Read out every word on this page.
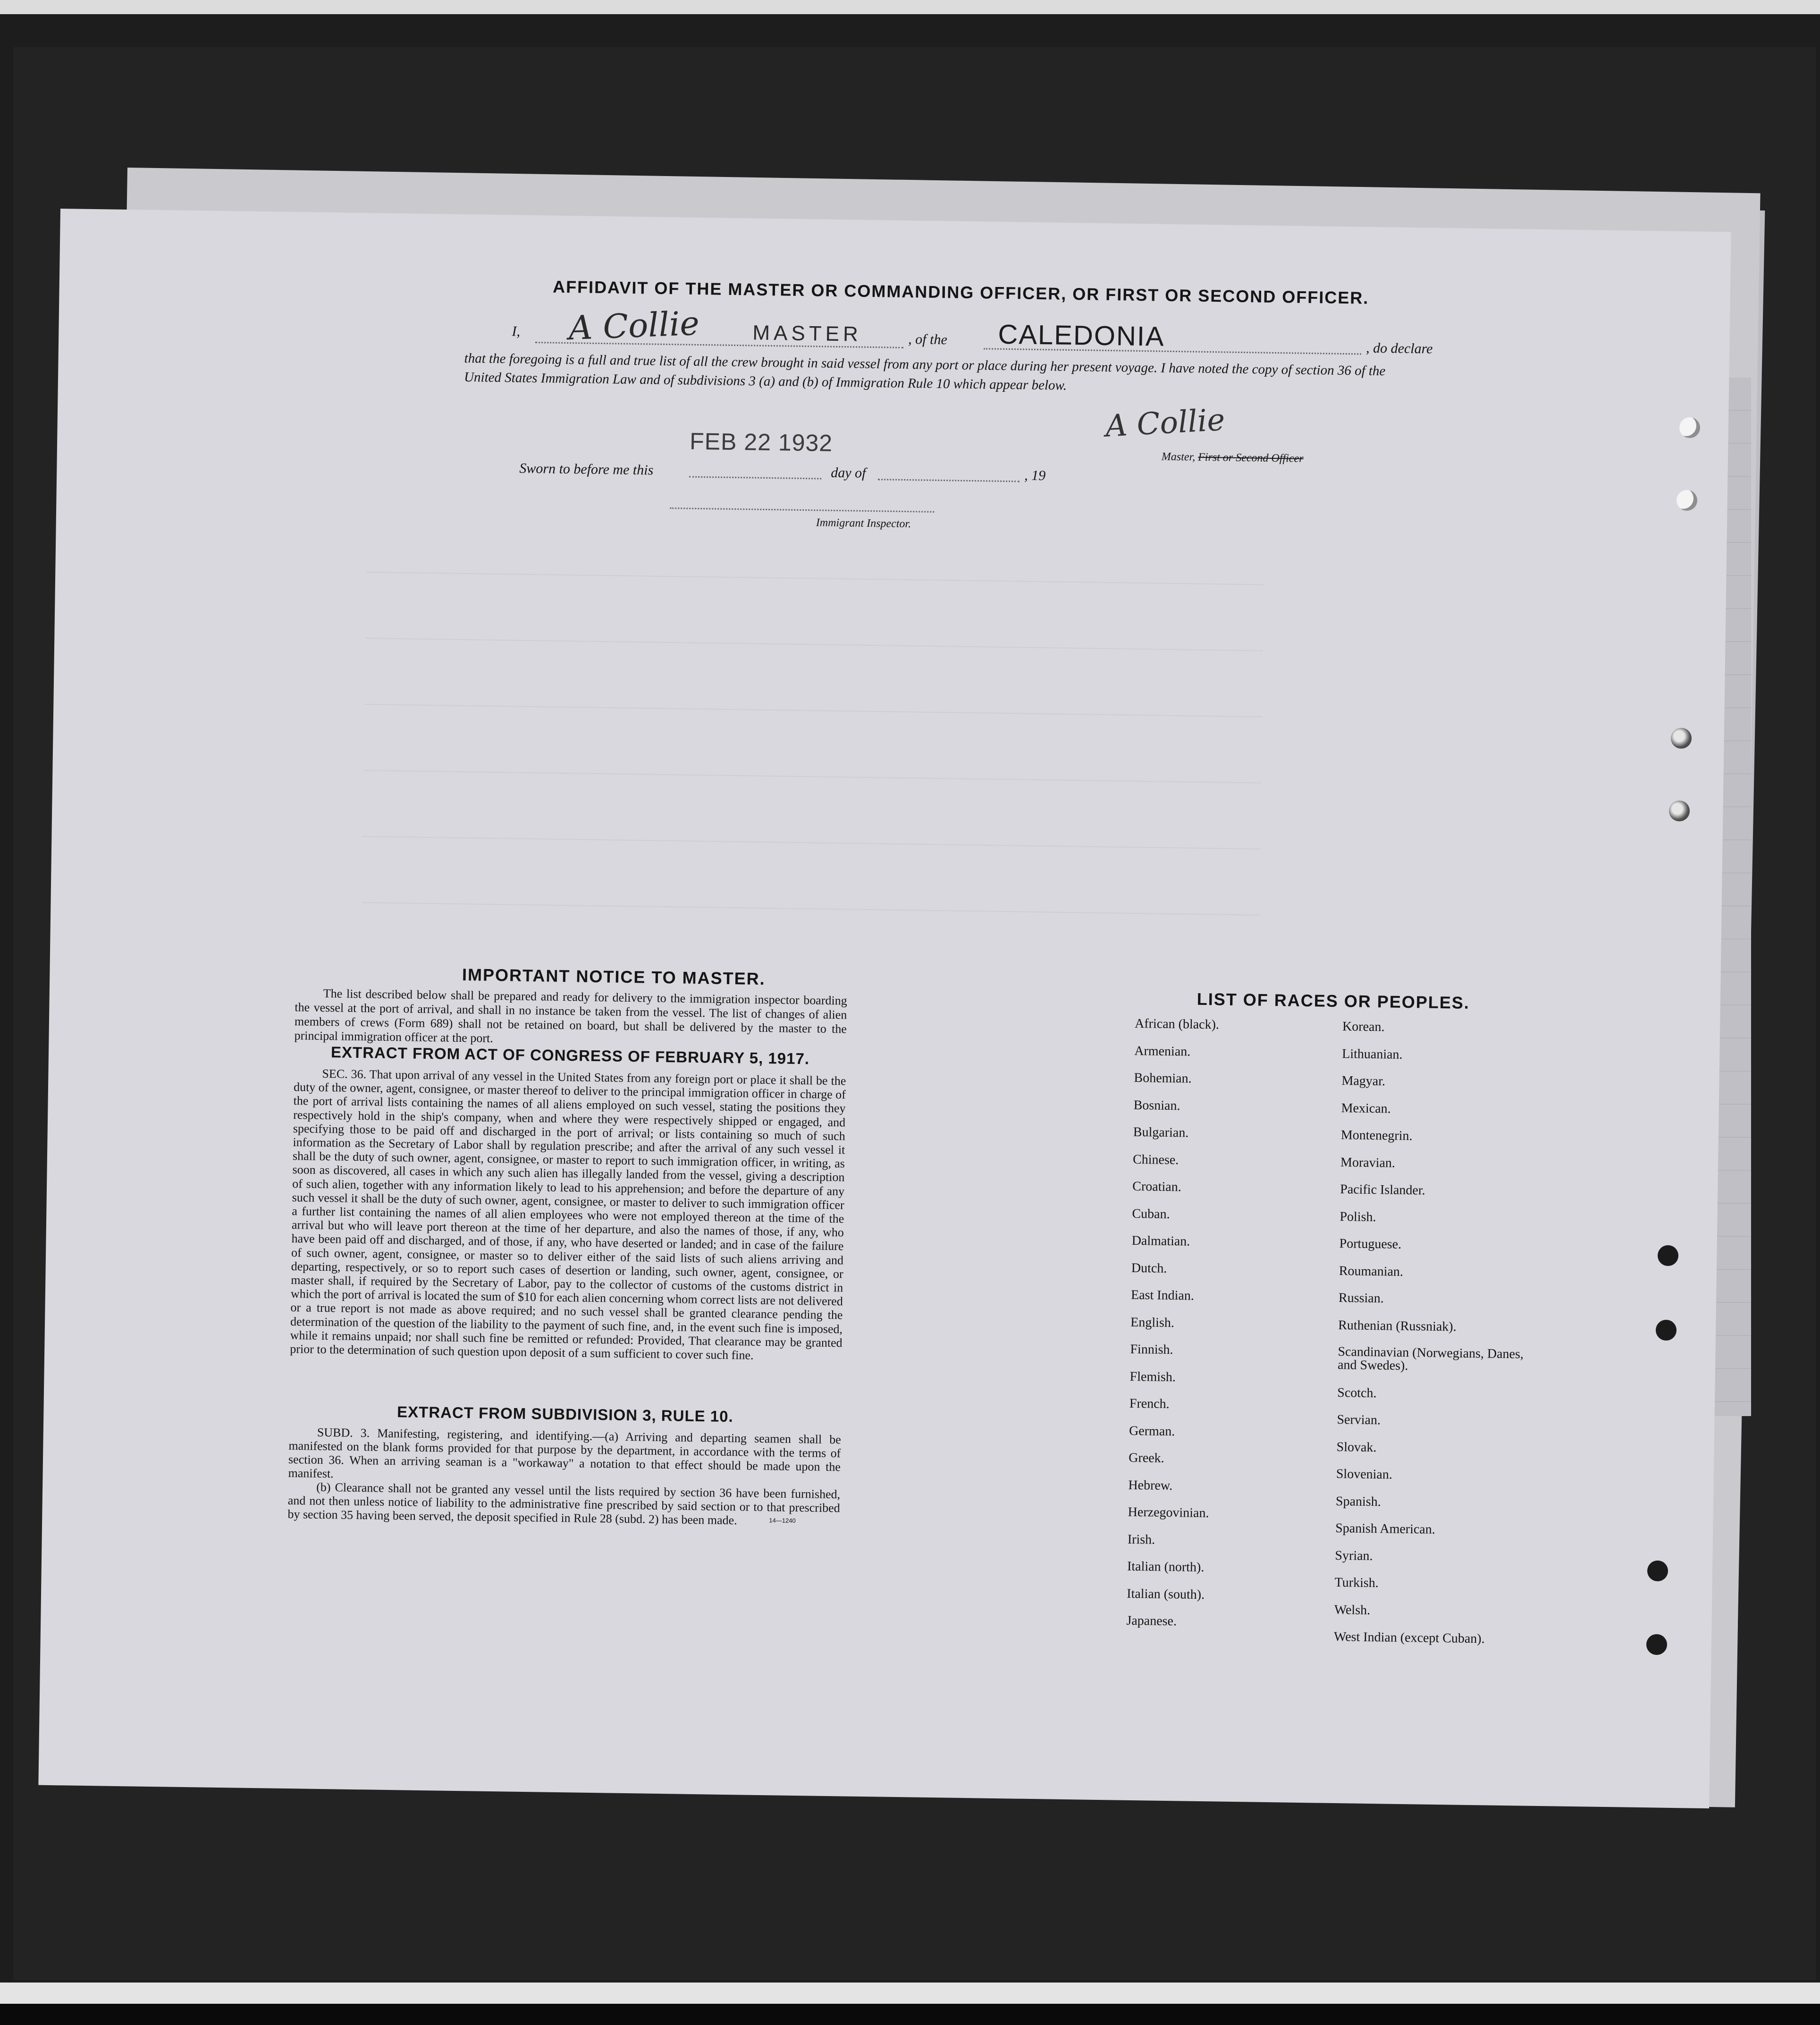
AFFIDAVIT OF THE MASTER OR COMMANDING OFFICER, OR FIRST OR SECOND OFFICER.
I, A Collie	MASTER	, of the CALEDONIA	, do declare
that the foregoing is a full and true list of all the crew brought in said vessel from any port or place during her present voyage. I have noted the copy of section 36 of the United States Immigration Law and of subdivisions 3 (a) and (b) of Immigration Rule 10 which appear below.
FEB 22 1932
Sworn to before me this	day of	, 19
A Collie
Master, First or Second Officer
Immigrant Inspector.
IMPORTANT NOTICE TO MASTER.
The list described below shall be prepared and ready for delivery to the immigration inspector boarding the vessel at the port of arrival, and shall in no instance be taken from the vessel. The list of changes of alien members of crews (Form 689) shall not be retained on board, but shall be delivered by the master to the principal immigration officer at the port.
EXTRACT FROM ACT OF CONGRESS OF FEBRUARY 5, 1917.
SEC. 36. That upon arrival of any vessel in the United States from any foreign port or place it shall be the duty of the owner, agent, consignee, or master thereof to deliver to the principal immigration officer in charge of the port of arrival lists containing the names of all aliens employed on such vessel, stating the positions they respectively hold in the ship's company, when and where they were respectively shipped or engaged, and specifying those to be paid off and discharged in the port of arrival; or lists containing so much of such information as the Secretary of Labor shall by regulation prescribe; and after the arrival of any such vessel it shall be the duty of such owner, agent, consignee, or master to report to such immigration officer, in writing, as soon as discovered, all cases in which any such alien has illegally landed from the vessel, giving a description of such alien, together with any information likely to lead to his apprehension; and before the departure of any such vessel it shall be the duty of such owner, agent, consignee, or master to deliver to such immigration officer a further list containing the names of all alien employees who were not employed thereon at the time of the arrival but who will leave port thereon at the time of her departure, and also the names of those, if any, who have been paid off and discharged, and of those, if any, who have deserted or landed; and in case of the failure of such owner, agent, consignee, or master so to deliver either of the said lists of such aliens arriving and departing, respectively, or so to report such cases of desertion or landing, such owner, agent, consignee, or master shall, if required by the Secretary of Labor, pay to the collector of customs of the customs district in which the port of arrival is located the sum of $10 for each alien concerning whom correct lists are not delivered or a true report is not made as above required; and no such vessel shall be granted clearance pending the determination of the question of the liability to the payment of such fine, and, in the event such fine is imposed, while it remains unpaid; nor shall such fine be remitted or refunded: Provided, That clearance may be granted prior to the determination of such question upon deposit of a sum sufficient to cover such fine.
EXTRACT FROM SUBDIVISION 3, RULE 10.

SUBD. 3. Manifesting, registering, and identifying.—(a) Arriving and departing seamen shall be manifested on the blank forms provided for that purpose by the department, in accordance with the terms of section 36. When an arriving seaman is a "workaway" a notation to that effect should be made upon the manifest.

(b) Clearance shall not be granted any vessel until the lists required by section 36 have been furnished, and not then unless notice of liability to the administrative fine prescribed by said section or to that prescribed by section 35 having been served, the deposit specified in Rule 28 (subd. 2) has been made.	14—1240
LIST OF RACES OR PEOPLES.
African (black).
Armenian.
Bohemian.
Bosnian.
Bulgarian.
Chinese.
Croatian.
Cuban.
Dalmatian.
Dutch.
East Indian.
English.
Finnish.
Flemish.
French.
German.
Greek.
Hebrew.
Herzegovinian.
Irish.
Italian (north).
Italian (south).
Japanese.
Korean.
Lithuanian.
Magyar.
Mexican.
Montenegrin.
Moravian.
Pacific Islander.
Polish.
Portuguese.
Roumanian.
Russian.
Ruthenian (Russniak).
Scandinavian (Norwegians, Danes, and Swedes).
Scotch.
Servian.
Slovak.
Slovenian.
Spanish.
Spanish American.
Syrian.
Turkish.
Welsh.
West Indian (except Cuban).
